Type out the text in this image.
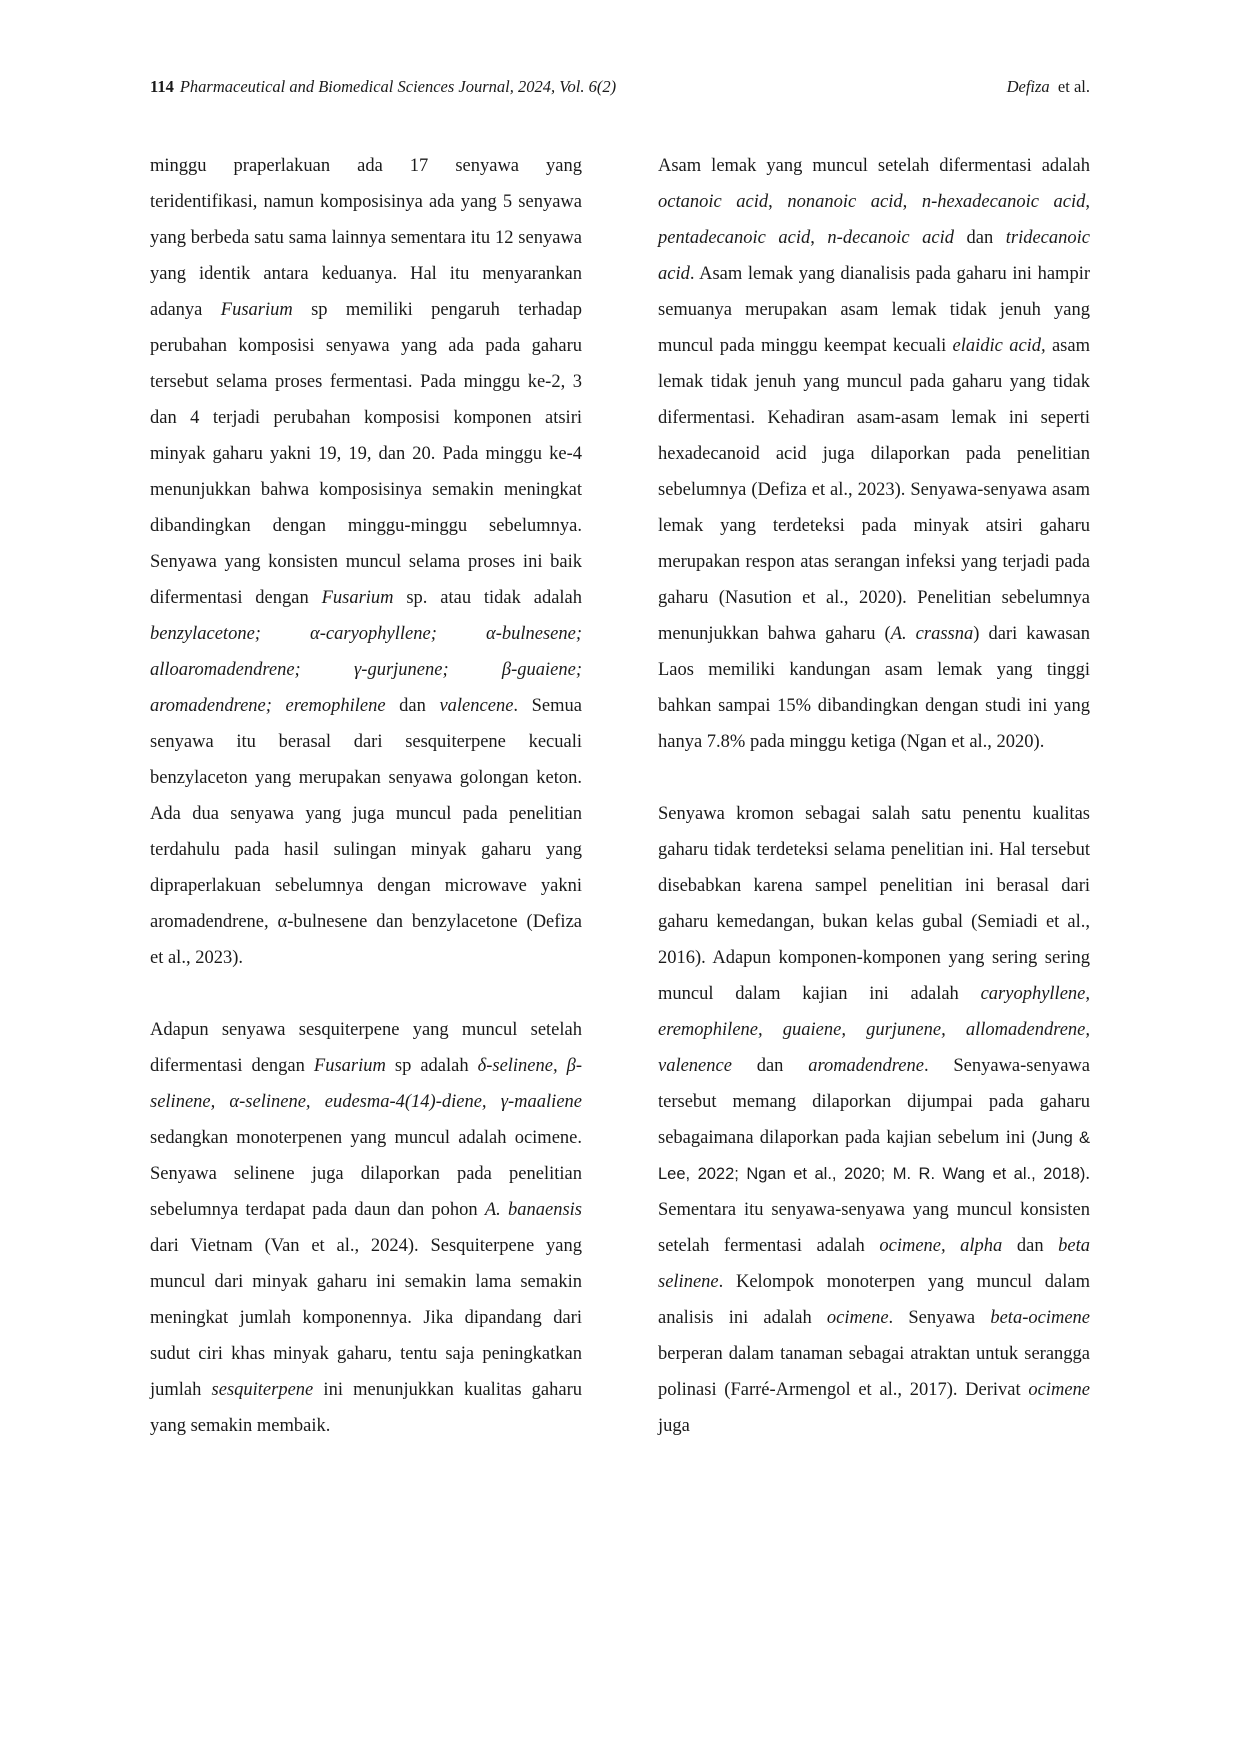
114 Pharmaceutical and Biomedical Sciences Journal, 2024, Vol. 6(2)	Defiza et al.

minggu praperlakuan ada 17 senyawa yang teridentifikasi, namun komposisinya ada yang 5 senyawa yang berbeda satu sama lainnya sementara itu 12 senyawa yang identik antara keduanya. Hal itu menyarankan adanya Fusarium sp memiliki pengaruh terhadap perubahan komposisi senyawa yang ada pada gaharu tersebut selama proses fermentasi. Pada minggu ke-2, 3 dan 4 terjadi perubahan komposisi komponen atsiri minyak gaharu yakni 19, 19, dan 20. Pada minggu ke-4 menunjukkan bahwa komposisinya semakin meningkat dibandingkan dengan minggu-minggu sebelumnya. Senyawa yang konsisten muncul selama proses ini baik difermentasi dengan Fusarium sp. atau tidak adalah benzylacetone; α-caryophyllene; α-bulnesene; alloaromadendrene; γ-gurjunene; β-guaiene; aromadendrene; eremophilene dan valencene. Semua senyawa itu berasal dari sesquiterpene kecuali benzylaceton yang merupakan senyawa golongan keton. Ada dua senyawa yang juga muncul pada penelitian terdahulu pada hasil sulingan minyak gaharu yang dipraperlakuan sebelumnya dengan microwave yakni aromadendrene, α-bulnesene dan benzylacetone (Defiza et al., 2023).

Adapun senyawa sesquiterpene yang muncul setelah difermentasi dengan Fusarium sp adalah δ-selinene, β-selinene, α-selinene, eudesma-4(14)-diene, γ-maaliene sedangkan monoterpenen yang muncul adalah ocimene. Senyawa selinene juga dilaporkan pada penelitian sebelumnya terdapat pada daun dan pohon A. banaensis dari Vietnam (Van et al., 2024). Sesquiterpene yang muncul dari minyak gaharu ini semakin lama semakin meningkat jumlah komponennya. Jika dipandang dari sudut ciri khas minyak gaharu, tentu saja peningkatkan jumlah sesquiterpene ini menunjukkan kualitas gaharu yang semakin membaik.

Asam lemak yang muncul setelah difermentasi adalah octanoic acid, nonanoic acid, n-hexadecanoic acid, pentadecanoic acid, n-decanoic acid dan tridecanoic acid. Asam lemak yang dianalisis pada gaharu ini hampir semuanya merupakan asam lemak tidak jenuh yang muncul pada minggu keempat kecuali elaidic acid, asam lemak tidak jenuh yang muncul pada gaharu yang tidak difermentasi. Kehadiran asam-asam lemak ini seperti hexadecanoid acid juga dilaporkan pada penelitian sebelumnya (Defiza et al., 2023). Senyawa-senyawa asam lemak yang terdeteksi pada minyak atsiri gaharu merupakan respon atas serangan infeksi yang terjadi pada gaharu (Nasution et al., 2020). Penelitian sebelumnya menunjukkan bahwa gaharu (A. crassna) dari kawasan Laos memiliki kandungan asam lemak yang tinggi bahkan sampai 15% dibandingkan dengan studi ini yang hanya 7.8% pada minggu ketiga (Ngan et al., 2020).

Senyawa kromon sebagai salah satu penentu kualitas gaharu tidak terdeteksi selama penelitian ini. Hal tersebut disebabkan karena sampel penelitian ini berasal dari gaharu kemedangan, bukan kelas gubal (Semiadi et al., 2016). Adapun komponen-komponen yang sering sering muncul dalam kajian ini adalah caryophyllene, eremophilene, guaiene, gurjunene, allomadendrene, valenence dan aromadendrene. Senyawa-senyawa tersebut memang dilaporkan dijumpai pada gaharu sebagaimana dilaporkan pada kajian sebelum ini (Jung & Lee, 2022; Ngan et al., 2020; M. R. Wang et al., 2018). Sementara itu senyawa-senyawa yang muncul konsisten setelah fermentasi adalah ocimene, alpha dan beta selinene. Kelompok monoterpen yang muncul dalam analisis ini adalah ocimene. Senyawa beta-ocimene berperan dalam tanaman sebagai atraktan untuk serangga polinasi (Farré-Armengol et al., 2017). Derivat ocimene juga
